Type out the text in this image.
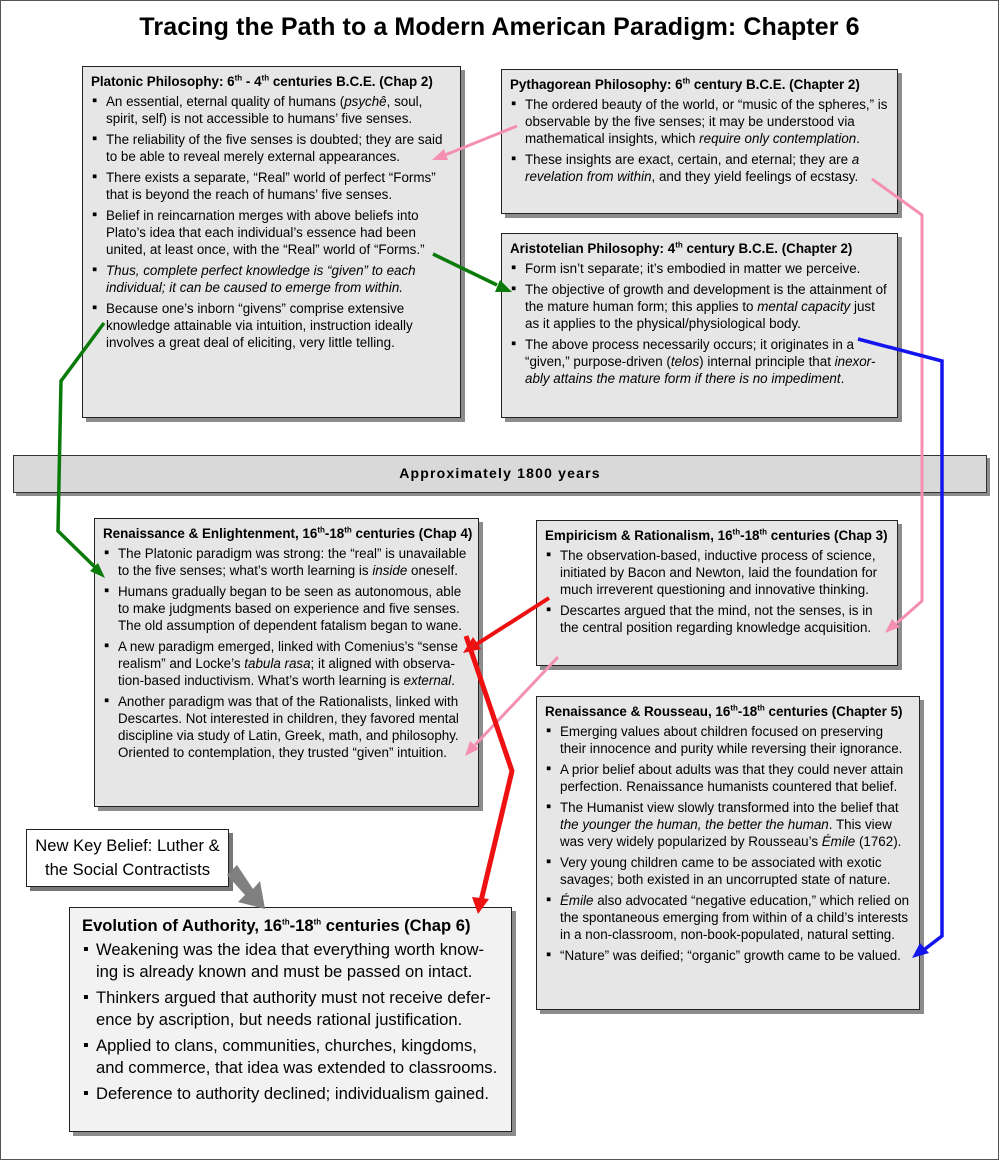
Tracing the Path to a Modern American Paradigm: Chapter 6
Platonic Philosophy: 6th - 4th centuries B.C.E. (Chap 2)
▪ An essential, eternal quality of humans (psychê, soul, spirit, self) is not accessible to humans’ five senses.
▪ The reliability of the five senses is doubted; they are said to be able to reveal merely external appearances.
▪ There exists a separate, “Real” world of perfect “Forms” that is beyond the reach of humans’ five senses.
▪ Belief in reincarnation merges with above beliefs into Plato’s idea that each individual’s essence had been united, at least once, with the “Real” world of “Forms.”
▪ Thus, complete perfect knowledge is “given” to each individual; it can be caused to emerge from within.
▪ Because one’s inborn “givens” comprise extensive knowledge attainable via intuition, instruction ideally involves a great deal of eliciting, very little telling.
Pythagorean Philosophy: 6th century B.C.E. (Chapter 2)
▪ The ordered beauty of the world, or “music of the spheres,” is observable by the five senses; it may be understood via mathematical insights, which require only contemplation.
▪ These insights are exact, certain, and eternal; they are a revelation from within, and they yield feelings of ecstasy.
Aristotelian Philosophy: 4th century B.C.E. (Chapter 2)
▪ Form isn’t separate; it’s embodied in matter we perceive.
▪ The objective of growth and development is the attainment of the mature human form; this applies to mental capacity just as it applies to the physical/physiological body.
▪ The above process necessarily occurs; it originates in a “given,” purpose-driven (telos) internal principle that inexor-ably attains the mature form if there is no impediment.
Approximately 1800 years
Renaissance & Enlightenment, 16th-18th centuries (Chap 4)
▪ The Platonic paradigm was strong: the “real” is unavailable to the five senses; what’s worth learning is inside oneself.
▪ Humans gradually began to be seen as autonomous, able to make judgments based on experience and five senses. The old assumption of dependent fatalism began to wane.
▪ A new paradigm emerged, linked with Comenius’s “sense realism” and Locke’s tabula rasa; it aligned with observa-tion-based inductivism. What’s worth learning is external.
▪ Another paradigm was that of the Rationalists, linked with Descartes. Not interested in children, they favored mental discipline via study of Latin, Greek, math, and philosophy. Oriented to contemplation, they trusted “given” intuition.
Empiricism & Rationalism, 16th-18th centuries (Chap 3)
▪ The observation-based, inductive process of science, initiated by Bacon and Newton, laid the foundation for much irreverent questioning and innovative thinking.
▪ Descartes argued that the mind, not the senses, is in the central position regarding knowledge acquisition.
Renaissance & Rousseau, 16th-18th centuries (Chapter 5)
▪ Emerging values about children focused on preserving their innocence and purity while reversing their ignorance.
▪ A prior belief about adults was that they could never attain perfection. Renaissance humanists countered that belief.
▪ The Humanist view slowly transformed into the belief that the younger the human, the better the human. This view was very widely popularized by Rousseau’s Émile (1762).
▪ Very young children came to be associated with exotic savages; both existed in an uncorrupted state of nature.
▪ Émile also advocated “negative education,” which relied on the spontaneous emerging from within of a child’s interests in a non-classroom, non-book-populated, natural setting.
▪ “Nature” was deified; “organic” growth came to be valued.
New Key Belief: Luther &
the Social Contractists
Evolution of Authority, 16th-18th centuries (Chap 6)
▪ Weakening was the idea that everything worth know-ing is already known and must be passed on intact.
▪ Thinkers argued that authority must not receive defer-ence by ascription, but needs rational justification.
▪ Applied to clans, communities, churches, kingdoms, and commerce, that idea was extended to classrooms.
▪ Deference to authority declined; individualism gained.
